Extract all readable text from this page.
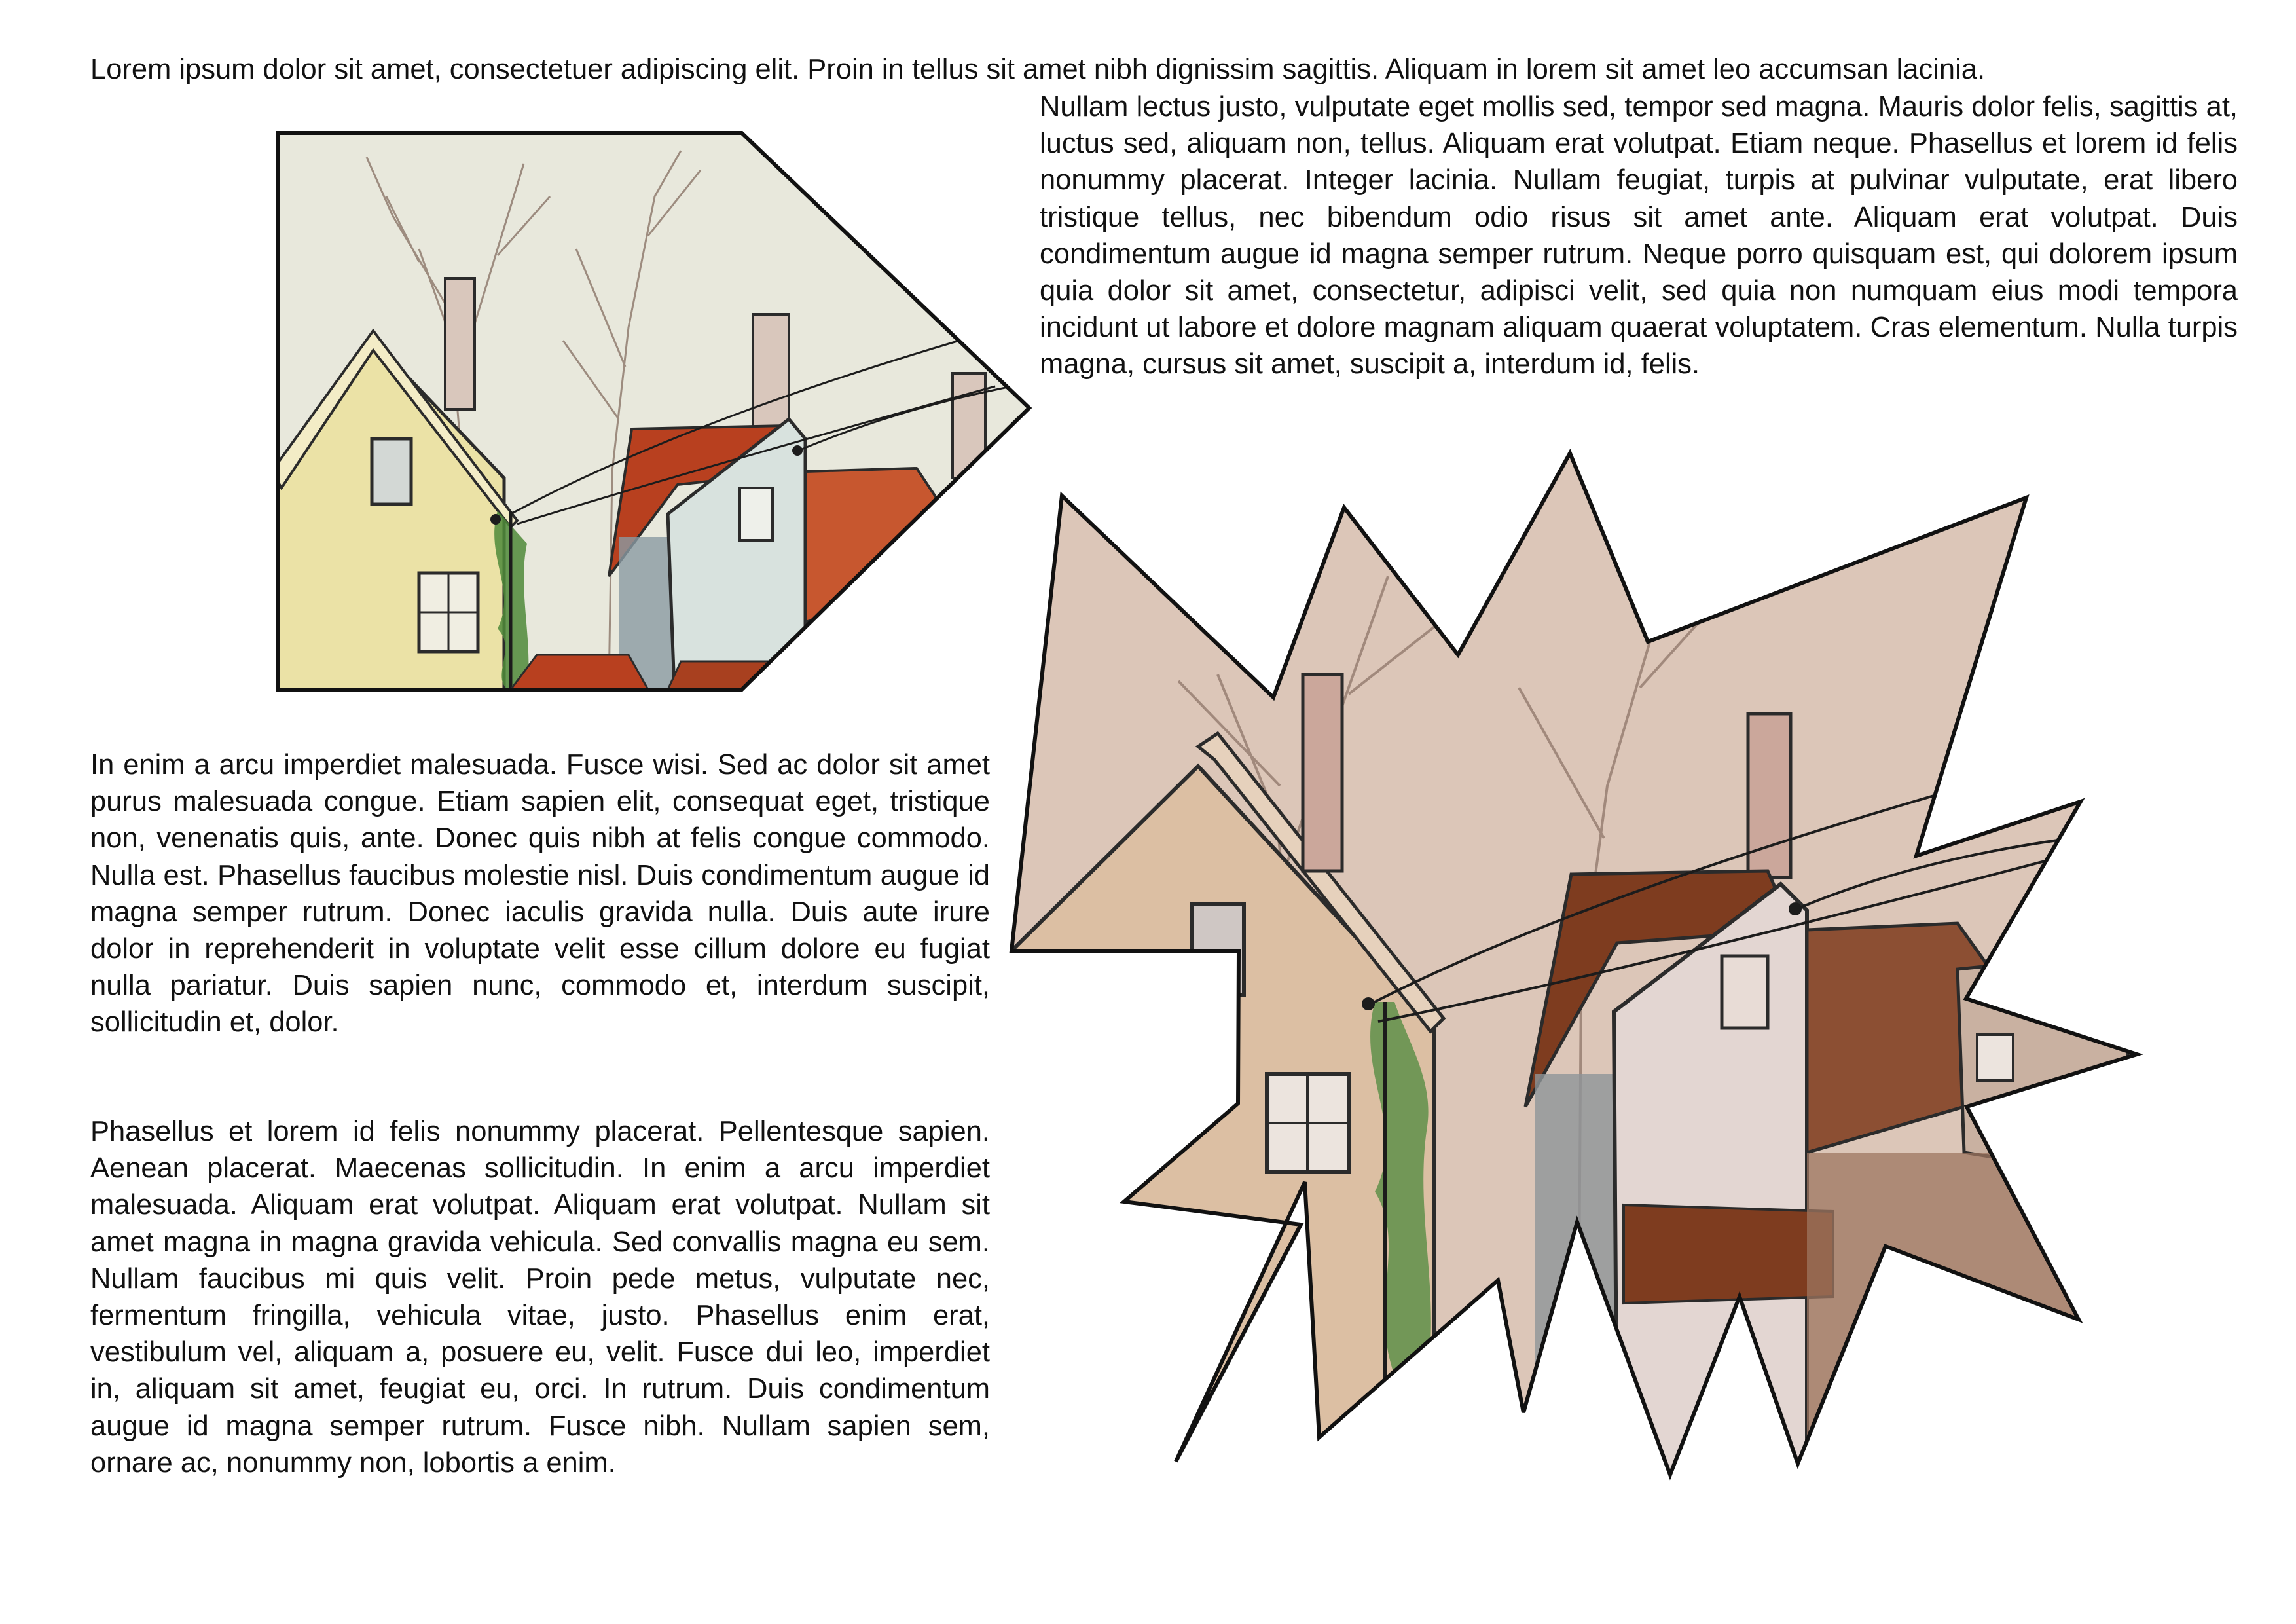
Lorem ipsum dolor sit amet, consectetuer adipiscing elit. Proin in tellus sit amet nibh dignissim sagittis. Aliquam in lorem sit amet leo accumsan lacinia.

Nullam lectus justo, vulputate eget mollis sed, tempor sed magna. Mauris dolor felis, sagittis at, luctus sed, aliquam non, tellus. Aliquam erat volutpat. Etiam neque. Phasellus et lorem id felis nonummy placerat. Integer lacinia. Nullam feugiat, turpis at pulvinar vulputate, erat libero tristique tellus, nec bibendum odio risus sit amet ante. Aliquam erat volutpat. Duis condimentum augue id magna semper rutrum. Neque porro quisquam est, qui dolorem ipsum quia dolor sit amet, consectetur, adipisci velit, sed quia non numquam eius modi tempora incidunt ut labore et dolore magnam aliquam quaerat voluptatem. Cras elementum. Nulla turpis magna, cursus sit amet, suscipit a, interdum id, felis.

In enim a arcu imperdiet malesuada. Fusce wisi. Sed ac dolor sit amet purus malesuada congue. Etiam sapien elit, consequat eget, tristique non, venenatis quis, ante. Donec quis nibh at felis congue commodo. Nulla est. Phasellus faucibus molestie nisl. Duis condimentum augue id magna semper rutrum. Donec iaculis gravida nulla. Duis aute irure dolor in reprehenderit in voluptate velit esse cillum dolore eu fugiat nulla pariatur. Duis sapien nunc, commodo et, interdum suscipit, sollicitudin et, dolor.

Phasellus et lorem id felis nonummy placerat. Pellentesque sapien. Aenean placerat. Maecenas sollicitudin. In enim a arcu imperdiet malesuada. Aliquam erat volutpat. Aliquam erat volutpat. Nullam sit amet magna in magna gravida vehicula. Sed convallis magna eu sem. Nullam faucibus mi quis velit. Proin pede metus, vulputate nec, fermentum fringilla, vehicula vitae, justo. Phasellus enim erat, vestibulum vel, aliquam a, posuere eu, velit. Fusce dui leo, imperdiet in, aliquam sit amet, feugiat eu, orci. In rutrum. Duis condimentum augue id magna semper rutrum. Fusce nibh. Nullam sapien sem, ornare ac, nonummy non, lobortis a enim.
